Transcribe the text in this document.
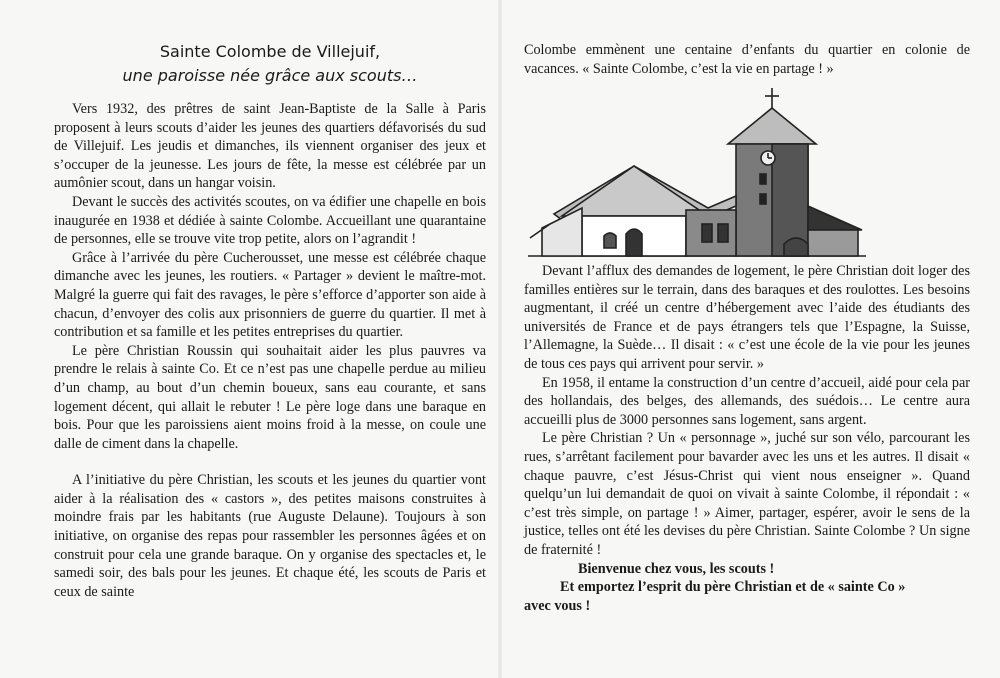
Sainte Colombe de Villejuif,
une paroisse née grâce aux scouts…

Vers 1932, des prêtres de saint Jean-Baptiste de la Salle à Paris proposent à leurs scouts d’aider les jeunes des quartiers défavorisés du sud de Villejuif. Les jeudis et dimanches, ils viennent organiser des jeux et s’occuper de la jeunesse. Les jours de fête, la messe est célébrée par un aumônier scout, dans un hangar voisin.

Devant le succès des activités scoutes, on va édifier une chapelle en bois inaugurée en 1938 et dédiée à sainte Colombe. Accueillant une quarantaine de personnes, elle se trouve vite trop petite, alors on l’agrandit !

Grâce à l’arrivée du père Cucherousset, une messe est célébrée chaque dimanche avec les jeunes, les routiers. « Partager » devient le maître-mot. Malgré la guerre qui fait des ravages, le père s’efforce d’apporter son aide à chacun, d’envoyer des colis aux prisonniers de guerre du quartier. Il met à contribution et sa famille et les petites entreprises du quartier.

Le père Christian Roussin qui souhaitait aider les plus pauvres va prendre le relais à sainte Co. Et ce n’est pas une chapelle perdue au milieu d’un champ, au bout d’un chemin boueux, sans eau courante, et sans logement décent, qui allait le rebuter ! Le père loge dans une baraque en bois. Pour que les paroissiens aient moins froid à la messe, on coule une dalle de ciment dans la chapelle.

A l’initiative du père Christian, les scouts et les jeunes du quartier vont aider à la réalisation des « castors », des petites maisons construites à moindre frais par les habitants (rue Auguste Delaune). Toujours à son initiative, on organise des repas pour rassembler les personnes âgées et on construit pour cela une grande baraque. On y organise des spectacles et, le samedi soir, des bals pour les jeunes. Et chaque été, les scouts de Paris et ceux de sainte

Colombe emmènent une centaine d’enfants du quartier en colonie de vacances. « Sainte Colombe, c’est la vie en partage ! »

Devant l’afflux des demandes de logement, le père Christian doit loger des familles entières sur le terrain, dans des baraques et des roulottes. Les besoins augmentant, il créé un centre d’hébergement avec l’aide des étudiants des universités de France et de pays étrangers tels que l’Espagne, la Suisse, l’Allemagne, la Suède… Il disait : « c’est une école de la vie pour les jeunes de tous ces pays qui arrivent pour servir. »

En 1958, il entame la construction d’un centre d’accueil, aidé pour cela par des hollandais, des belges, des allemands, des suédois… Le centre aura accueilli plus de 3000 personnes sans logement, sans argent.

Le père Christian ? Un « personnage », juché sur son vélo, parcourant les rues, s’arrêtant facilement pour bavarder avec les uns et les autres. Il disait « chaque pauvre, c’est Jésus-Christ qui vient nous enseigner ». Quand quelqu’un lui demandait de quoi on vivait à sainte Colombe, il répondait : « c’est très simple, on partage ! » Aimer, partager, espérer, avoir le sens de la justice, telles ont été les devises du père Christian. Sainte Colombe ? Un signe de fraternité !

Bienvenue chez vous, les scouts !

Et emportez l’esprit du père Christian et de « sainte Co »

avec vous !
